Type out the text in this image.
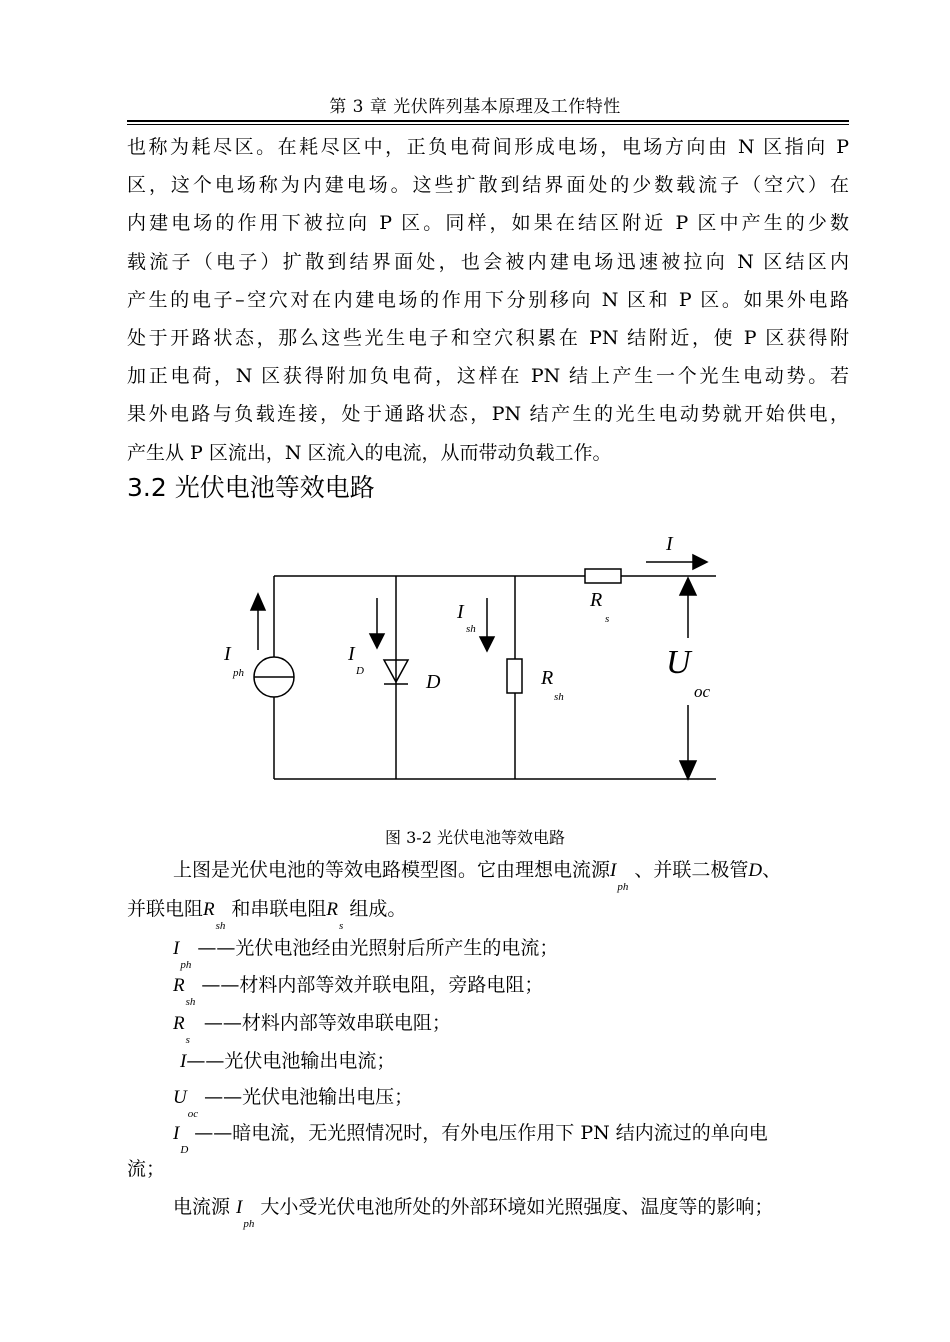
第 3 章 光伏阵列基本原理及工作特性
也称为耗尽区。在耗尽区中，正负电荷间形成电场，电场方向由 N 区指向 P
区，这个电场称为内建电场。这些扩散到结界面处的少数载流子（空穴）在
内建电场的作用下被拉向 P 区。同样，如果在结区附近 P 区中产生的少数
载流子（电子）扩散到结界面处，也会被内建电场迅速被拉向 N 区结区内
产生的电子–空穴对在内建电场的作用下分别移向 N 区和 P 区。如果外电路
处于开路状态，那么这些光生电子和空穴积累在 PN 结附近，使 P 区获得附
加正电荷，N 区获得附加负电荷，这样在 PN 结上产生一个光生电动势。若
果外电路与负载连接，处于通路状态，PN 结产生的光生电动势就开始供电，
产生从 P 区流出，N 区流入的电流，从而带动负载工作。
3.2 光伏电池等效电路
I
R
s
I
sh
I
ph
I
D	D	R
sh
U
oc
图 3-2 光伏电池等效电路
上图是光伏电池的等效电路模型图。它由理想电流源$I_{ph}$、并联二极管D、
并联电阻$R_{sh}$和串联电阻$R_s$组成。
$I_{ph}——$光伏电池经由光照射后所产生的电流；
$R_{sh}——$材料内部等效并联电阻，旁路电阻；
$R_s——$材料内部等效串联电阻；
I——光伏电池输出电流；
$U_{oc}——$光伏电池输出电压；
$I_D——$暗电流，无光照情况时，有外电压作用下 PN 结内流过的单向电
流；
电流源 $I_{ph}$大小受光伏电池所处的外部环境如光照强度、温度等的影响；
